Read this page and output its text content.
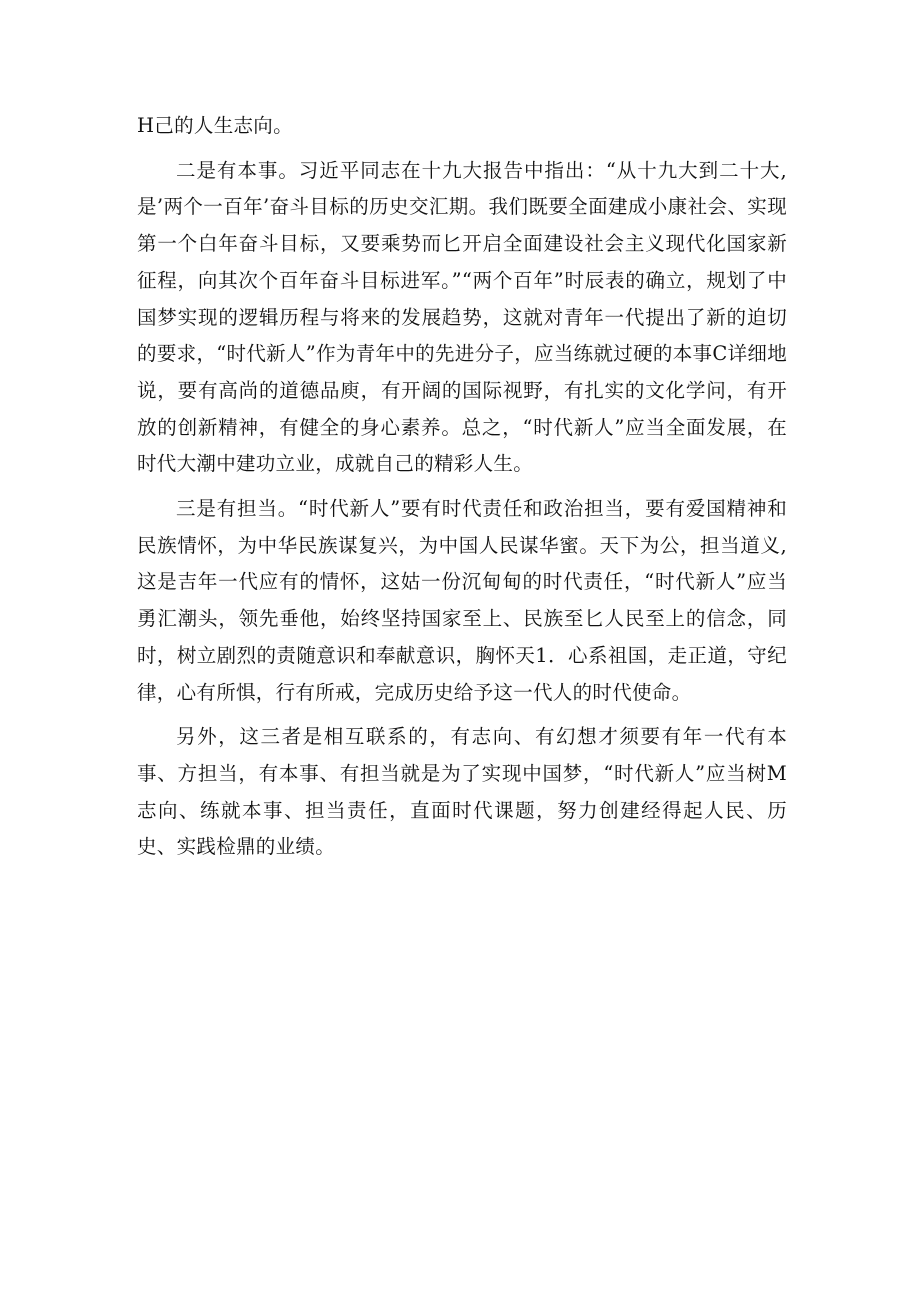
H己的人生志向。

二是有本事。习近平同志在十九大报告中指出：“从十九大到二十大,是’两个一百年’奋斗目标的历史交汇期。我们既要全面建成小康社会、实现第一个白年奋斗目标，又要乘势而匕开启全面建设社会主义现代化国家新征程，向其次个百年奋斗目标进军。”“两个百年”时辰表的确立，规划了中国梦实现的逻辑历程与将来的发展趋势，这就对青年一代提出了新的迫切的要求，“时代新人”作为青年中的先进分子，应当练就过硬的本事C详细地说，要有高尚的道德品庾，有开阔的国际视野，有扎实的文化学问，有开放的创新精神，有健全的身心素养。总之，“时代新人”应当全面发展，在时代大潮中建功立业，成就自己的精彩人生。

三是有担当。“时代新人”要有时代责任和政治担当，要有爱国精神和民族情怀，为中华民族谋复兴，为中国人民谋华蜜。天下为公，担当道义,这是吉年一代应有的情怀，这姑一份沉甸甸的时代责任，“时代新人”应当勇汇潮头，领先垂他，始终坚持国家至上、民族至匕人民至上的信念，同时，树立剧烈的责随意识和奉献意识，胸怀天1．心系祖国，走正道，守纪律，心有所惧，行有所戒，完成历史给予这一代人的时代使命。

另外，这三者是相互联系的，有志向、有幻想才须要有年一代有本事、方担当，有本事、有担当就是为了实现中国梦，“时代新人”应当树M志向、练就本事、担当责任，直面时代课题，努力创建经得起人民、历史、实践检鼎的业绩。
